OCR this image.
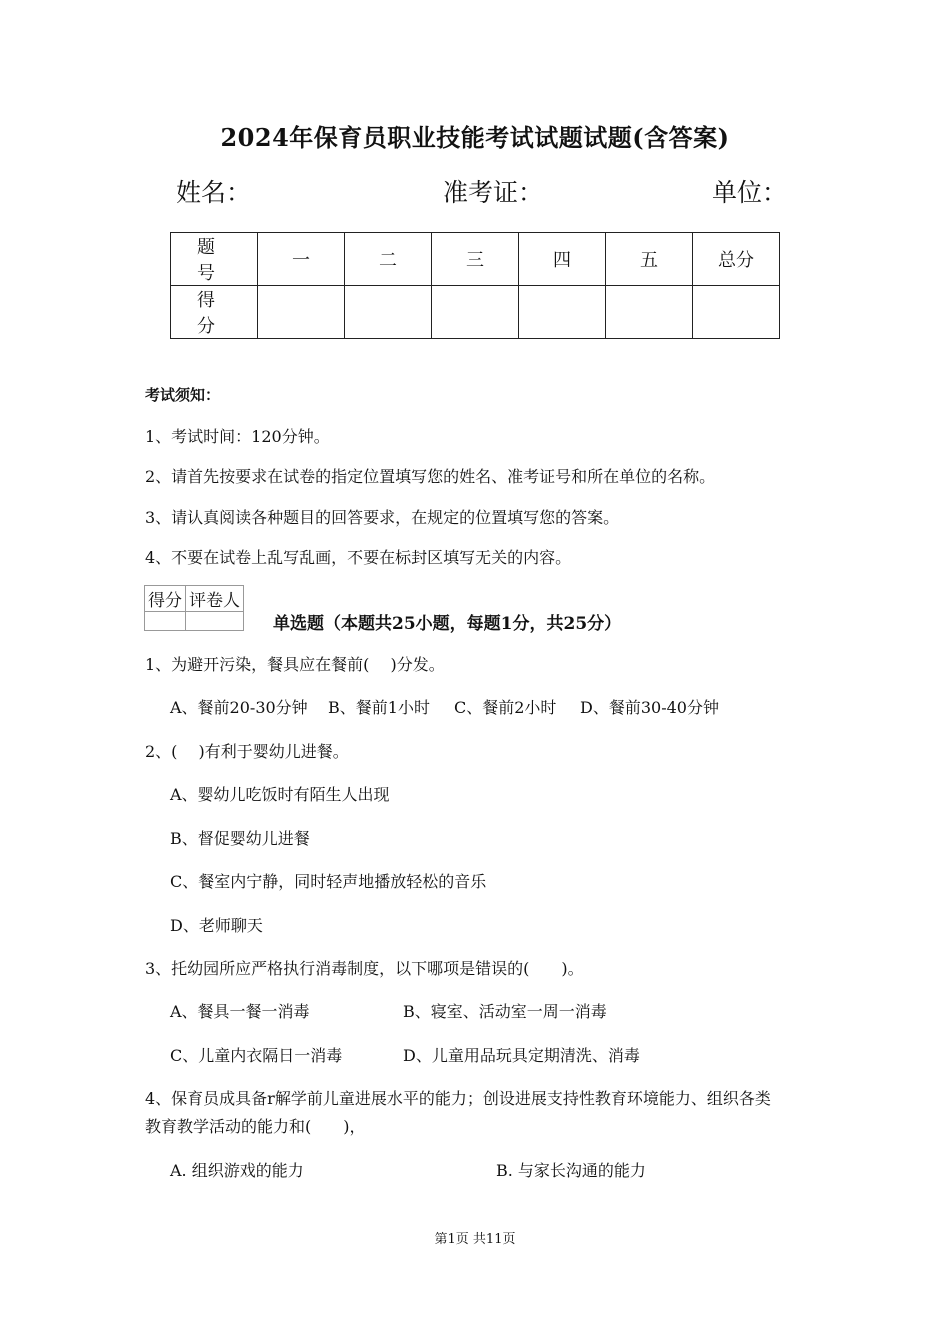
2024年保育员职业技能考试试题试题(含答案)
姓名：	准考证：	单位：
题 号	一	二	三	四	五	总分
得 分						
考试须知：
1、考试时间：120分钟。
2、请首先按要求在试卷的指定位置填写您的姓名、准考证号和所在单位的名称。
3、请认真阅读各种题目的回答要求，在规定的位置填写您的答案。
4、不要在试卷上乱写乱画，不要在标封区填写无关的内容。
得分	评卷人

单选题（本题共25小题，每题1分，共25分）
1、为避开污染，餐具应在餐前(　 )分发。
A、餐前20-30分钟 B、餐前1小时 C、餐前2小时 D、餐前30-40分钟
2、(　 )有利于婴幼儿进餐。
A、婴幼儿吃饭时有陌生人出现
B、督促婴幼儿进餐
C、餐室内宁静，同时轻声地播放轻松的音乐
D、老师聊天
3、托幼园所应严格执行消毒制度，以下哪项是错误的(　　)。
A、餐具一餐一消毒	B、寝室、活动室一周一消毒
C、儿童内衣隔日一消毒	D、儿童用品玩具定期清洗、消毒
4、保育员成具备r解学前儿童进展水平的能力；创设进展支持性教育环境能力、组织各类
教育教学活动的能力和(　　)，
A. 组织游戏的能力	B. 与家长沟通的能力
第1页 共11页
